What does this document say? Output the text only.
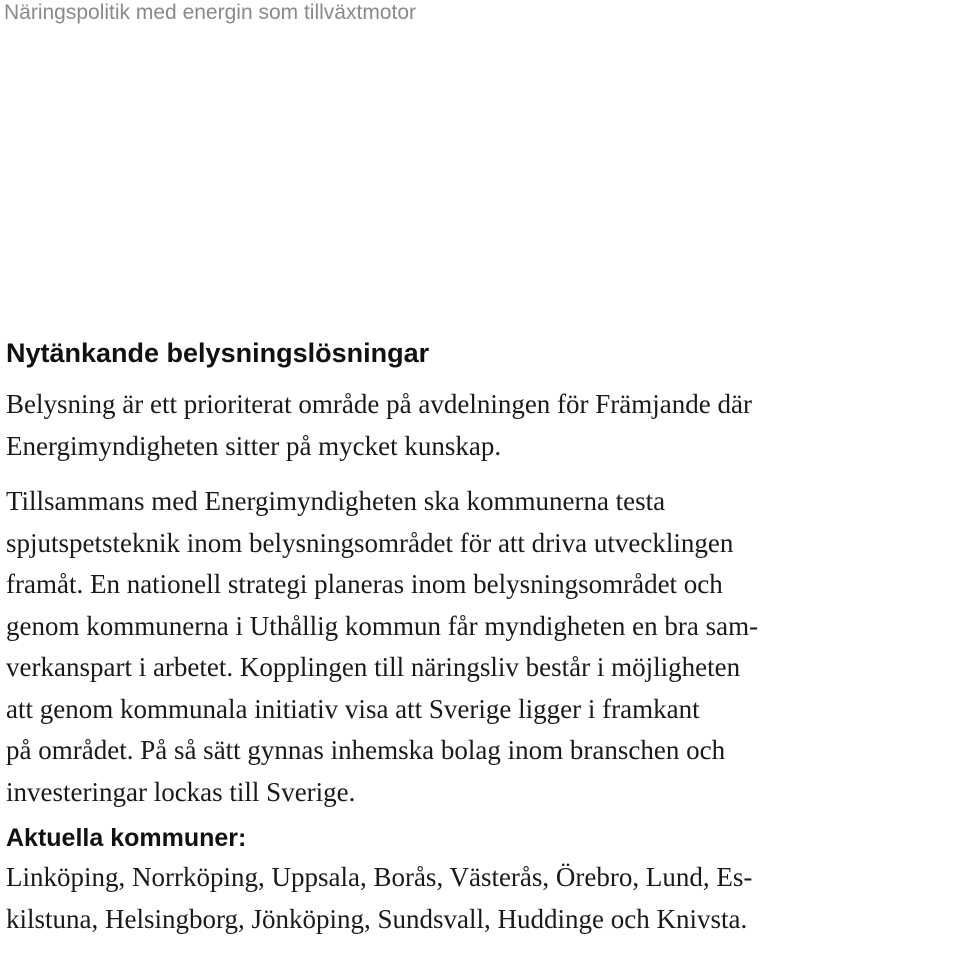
Näringspolitik med energin som tillväxtmotor
Nytänkande belysningslösningar

Belysning är ett prioriterat område på avdelningen för Främjande där
Energimyndigheten sitter på mycket kunskap.

Tillsammans med Energimyndigheten ska kommunerna testa
spjutspetsteknik inom belysningsområdet för att driva utvecklingen
framåt. En nationell strategi planeras inom belysningsområdet och
genom kommunerna i Uthållig kommun får myndigheten en bra sam-
verkanspart i arbetet. Kopplingen till näringsliv består i möjligheten
att genom kommunala initiativ visa att Sverige ligger i framkant
på området. På så sätt gynnas inhemska bolag inom branschen och
investeringar lockas till Sverige.

Aktuella kommuner:

Linköping, Norrköping, Uppsala, Borås, Västerås, Örebro, Lund, Es-
kilstuna, Helsingborg, Jönköping, Sundsvall, Huddinge och Knivsta.
